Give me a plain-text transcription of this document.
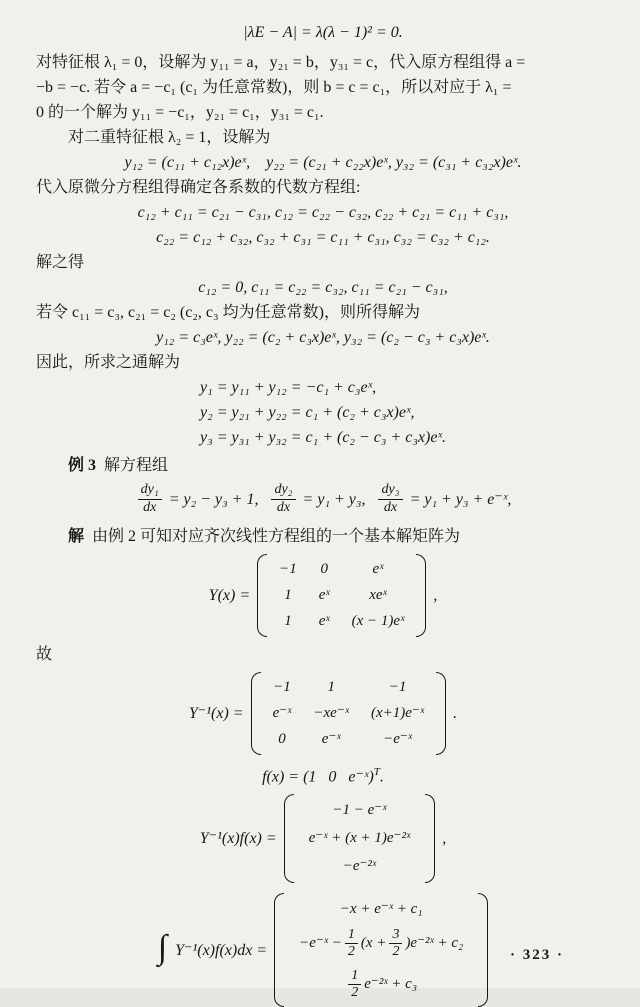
|λE − A| = λ(λ − 1)² = 0.
对特征根 λ₁ = 0，设解为 y₁₁ = a，y₂₁ = b，y₃₁ = c，代入原方程组得 a =
−b = −c. 若令 a = −c₁ (c₁ 为任意常数)，则 b = c = c₁，所以对应于 λ₁ =
0 的一个解为 y₁₁ = −c₁，y₂₁ = c₁，y₃₁ = c₁.
对二重特征根 λ₂ = 1，设解为
y₁₂ = (c₁₁ + c₁₂x)eˣ, y₂₂ = (c₂₁ + c₂₂x)eˣ, y₃₂ = (c₃₁ + c₃₂x)eˣ.
代入原微分方程组得确定各系数的代数方程组:
c₁₂ + c₁₁ = c₂₁ − c₃₁, c₁₂ = c₂₂ − c₃₂, c₂₂ + c₂₁ = c₁₁ + c₃₁,
c₂₂ = c₁₂ + c₃₂, c₃₂ + c₃₁ = c₁₁ + c₃₁, c₃₂ = c₃₂ + c₁₂.
解之得
c₁₂ = 0, c₁₁ = c₂₂ = c₃₂, c₁₁ = c₂₁ − c₃₁,
若令 c₁₁ = c₃, c₂₁ = c₂ (c₂, c₃ 均为任意常数)，则所得解为
y₁₂ = c₃eˣ, y₂₂ = (c₂ + c₃x)eˣ, y₃₂ = (c₂ − c₃ + c₃x)eˣ.
因此，所求之通解为
y₁ = y₁₁ + y₁₂ = −c₁ + c₃eˣ,
y₂ = y₂₁ + y₂₂ = c₁ + (c₂ + c₃x)eˣ,
y₃ = y₃₁ + y₃₂ = c₁ + (c₂ − c₃ + c₃x)eˣ.
例 3 解方程组
$\frac{\text{dy₁}}{dx} = y_2 - y_3 + 1$, $\frac{\text{dy₂}}{dx} = y_1 + y_3$, $\frac{\text{dy₃}}{dx} = y_1 + y_3$ + e⁻ˣ,
解 由例 2 可知对应齐次线性方程组的一个基本解矩阵为
Y(x) =
−1 0	eˣ
1 eˣ	xeˣ
1 eˣ (x − 1)eˣ
,
故
Y⁻¹(x) =
−1 1	−1
e⁻ˣ −xe⁻ˣ (x+1)e⁻ˣ
0 e⁻ˣ	−e⁻ˣ
.
f(x) = (1  0  e⁻ˣ)$^T$.
Y⁻¹(x)f(x) =
−1 − e⁻ˣ
e⁻ˣ + (x + 1)e⁻²ˣ
−e⁻²ˣ
,
∫ Y⁻¹(x)f(x)dx =
−x + e⁻ˣ + c₁
−e⁻ˣ − $\frac{1}{2} (x + \frac{3}{2}$ )e⁻²ˣ + c₂
$\frac{1}{2}$ e⁻²ˣ + c₃
· 323 ·
